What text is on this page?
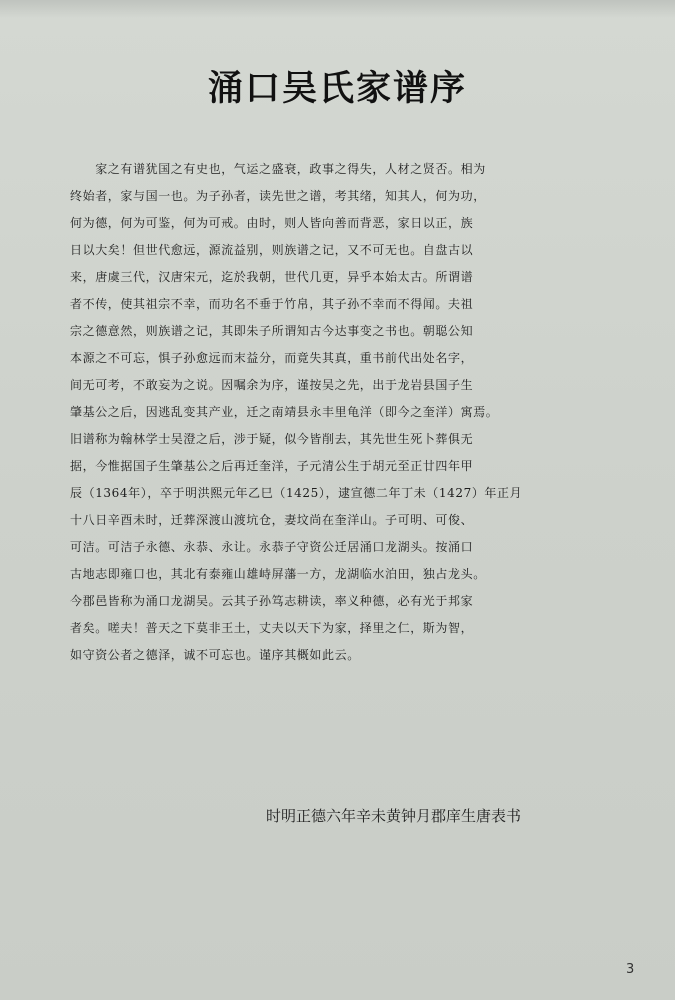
涌口吴氏家谱序
　　家之有谱犹国之有史也，气运之盛衰，政事之得失，人材之贤否。相为
终始者，家与国一也。为子孙者，读先世之谱，考其绪，知其人，何为功，
何为德，何为可鉴，何为可戒。由时，则人皆向善而背恶，家日以正，族
日以大矣！但世代愈远，源流益别，则族谱之记，又不可无也。自盘古以
来，唐虞三代，汉唐宋元，迄於我朝，世代几更，异乎本始太古。所谓谱
者不传，使其祖宗不幸，而功名不垂于竹帛，其子孙不幸而不得闻。夫祖
宗之德意然，则族谱之记，其即朱子所谓知古今达事变之书也。朝聪公知
本源之不可忘，惧子孙愈远而末益分，而竟失其真，重书前代出处名字，
间无可考，不敢妄为之说。因嘱余为序，谨按吴之先，出于龙岩县国子生
肇基公之后，因逃乱变其产业，迁之南靖县永丰里龟洋（即今之奎洋）寓焉。
旧谱称为翰林学士吴澄之后，涉于疑，似今皆削去，其先世生死卜葬俱无
据，今惟据国子生肇基公之后再迁奎洋，子元清公生于胡元至正廿四年甲
辰（1364年），卒于明洪熙元年乙巳（1425），逮宣德二年丁未（1427）年正月
十八日辛酉未时，迁葬深渡山渡坑仓，妻坟尚在奎洋山。子可明、可俊、
可洁。可洁子永德、永恭、永让。永恭子守资公迁居涌口龙湖头。按涌口
古地志即雍口也，其北有泰雍山雄峙屏藩一方，龙湖临水泊田，独占龙头。
今郡邑皆称为涌口龙湖吴。云其子孙笃志耕读，率义种德，必有光于邦家
者矣。嗟夫！普天之下莫非王土，丈夫以天下为家，择里之仁，斯为智，
如守资公者之德泽，诚不可忘也。谨序其概如此云。
时明正德六年辛未黄钟月郡庠生唐表书
3
